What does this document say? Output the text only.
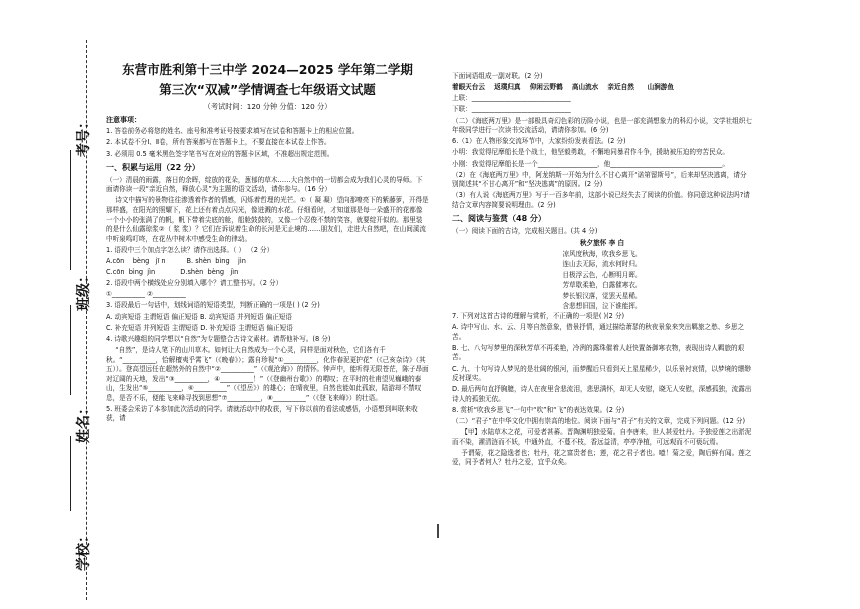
考号：
班级：
姓名：
学校：
东营市胜利第十三中学 2024—2025 学年第二学期
第三次“双减”学情调查七年级语文试题
（考试时间：120 分钟 分值：120 分）

注意事项：

1. 答卷前务必将您的姓名、座号和准考证号按要求填写在试卷和答题卡上的相应位置。

2. 本试卷不分Ⅰ、Ⅱ卷，所有答案都写在答题卡上，不要直接在本试卷上作答。

3. 必须用 0.5 毫米黑色签字笔书写在对应的答题卡区域，不准超出规定范围。

一、积累与运用（22 分）

（一）清晨的雨露，落日的余晖，绽放的花朵，葱郁的草木……大自然中的一切都会成为我们心灵的导师。下面请你读一段“亲近自然，释放心灵”为主题的语文活动，请你参与。（16 分）

诗文中描写的景物往往渗透着作者的情感，闪烁着哲理的光芒。①（ 凝 凝）望向那嘹亮下的紫藤萝，开得是那样盛，在阳光的照耀下，花上还有着点点闪光，像迸溅的水花。仔细看时，才知道那是每一朵盛开的花都像一个小小的张满了的帆，帆下带着尖底的舱，船舱鼓鼓的，又像一个忍俊不禁的笑容，就要绽开似的。那里装的是什么仙露琼浆②（ 浆 浆）？它们在诉说着生命的长河是无止境的……朋友们，走进大自然吧，在山间溪流中听泉鸣叮咚，在花丛中树木中感受生命的律动。

1. 语段中三个加点字怎么读？请作出选择。（ ） （2 分）

A.cōn    bèng   jī n          B. shèn  bìng    jìn

C.cōn  bìng  jìn            D.shèn  bèng   jìn

2. 语段中两个横线处应分别填入哪个？请工整书写。（2 分）

①__________ ②__________

3. 语段最后一句话中，划线词语的短语类型，判断正确的一项是( ) (2 分)

A. 动宾短语 主谓短语 偏正短语 B. 动宾短语 并列短语 偏正短语

C. 补充短语 并列短语 主谓短语 D. 补充短语 主谓短语 偏正短语

4. 诗歌兴趣组的同学想以“自然”为专题整合古诗文素材。请帮他补写。(8 分)

“自然”，是诗人笔下的山川草木。如何让大自然成为一个心灵，同样是面对秋色，它们各有千秋。“__________，恰解檀夷乎霄飞”（《晚春》）；露自珍视“①__________，化作春泥更护花”（《己亥杂诗》（其五））。登高望远任在超然外的自然中“②__________”（《观沧海》）的情怀。钟声中，能听得无限苍茫，陈子昂面对辽阔的天地，发出“③__________，④__________！”（《登幽州台歌》）的喟叹；在平时的杜甫望见巍峨的泰山，生发出“⑤__________，⑥__________”（《望岳》）的雄心；在晴夜里，自然也能如此孤寂，陆游却不禁叹息，是否不乐，便能飞来峰寻找到思想“⑦__________，⑧__________”（《登飞来峰》）的壮语。

5. 班委会采访了本参加此次活动的同学。请就活动中的收获，写下你以前的看法或感悟，小语想到叫联来收获，请

下面词语组成一副对联。(2 分)

着眼天台云    返璞归真    仰闲云野鹤    高山流水    亲近自然      山涧游鱼

上联：______________________________

下联：______________________________

（二）《海底两万里》是一部极具奇幻色彩的历险小说，也是一部充满想象力的科幻小说，文学社组织七年级同学进行一次读书交流活动，请请你参加。(6 分)

6.（1）在人物形象交流环节中，大家纷纷发表看法。(2 分)

小明：我觉得尼摩船长是个战士，他坚毅勇敢，不懈地同暴君作斗争，援助被压迫的穷苦民众。

小刚：我觉得尼摩船长是一个__________________，他__________________________________。

（2）在《海底两万里》中，阿龙纳斯一开始为什么不甘心离开“诺第留斯号”，后来却坚决逃离，请分别简述其“不甘心离开”和“坚决逃离”的原因。(2 分)

（3）有人说《海底两万里》写于一百多年前，这部小说已经失去了阅读的价值。你同意这种说法吗?请结合文章内容简要说明理由。(2 分)

二、阅读与鉴赏（48 分）

（一）阅读下面的古诗，完成相关题目。(共 4 分)

秋夕旅怀 李 白
凉风度秋海，吹我乡思飞。
连山去无际，流水何时归。
目极浮云色，心断明月晖。
芳草歇柔艳，白露催寒衣。
梦长银汉落，觉罢天星稀。
含悲想旧国，泣下谁能挥。

7. 下列对这首古诗的理解与赏析，不正确的一项是( )(2 分)

A. 诗中写山、水、云、月等自然意象，借景抒情，通过描绘萧瑟的秋夜景象来突出羁旅之愁、乡思之苦。

B. 七、八句写梦里的深秋芳草不再柔艳，冷冽的露珠催着人赶快置备御寒衣物，表现出诗人羁旅的艰苦。

C. 九、十句写诗人梦见的是壮阔的银河，而梦醒后只看到天上星星稀少，以乐景衬哀情，以梦境的缥缈反衬现实。

D. 最后两句直抒胸臆，诗人在夜里含悲流泪，悲思满怀，却无人安慰，晓无人安慰，深感孤独，流露出诗人的孤独无依。

8. 赏析“吹我乡思飞”一句中“吹”和“飞”的表达效果。(2 分)

（二）“君子”在中华文化中拥有崇高的地位。阅读下面与“君子”有关的文章，完成下列问题。(12 分)

【甲】水陆草木之花，可爱者甚蕃。晋陶渊明独爱菊。自李唐来，世人甚爱牡丹。予独爱莲之出淤泥而不染，濯清涟而不妖，中通外直，不蔓不枝，香远益清，亭亭净植，可远观而不可亵玩焉。

予谓菊，花之隐逸者也；牡丹，花之富贵者也；莲，花之君子者也。噫！菊之爱，陶后鲜有闻。莲之爱，同予者何人？牡丹之爱，宜乎众矣。
